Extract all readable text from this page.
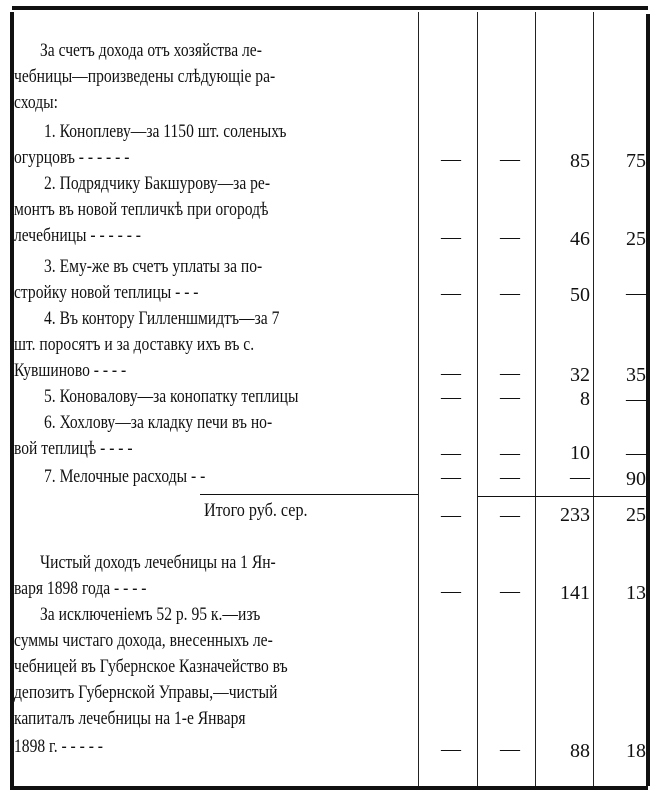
За счетъ дохода отъ хозяйства ле-
чебницы—произведены слѣдующіе ра-
сходы:
1. Коноплеву—за 1150 шт. соленыхъ
огурцовъ - - - - - -	— —	85	75
2. Подрядчику Бакшурову—за ре-
монтъ въ новой тепличкѣ при огородѣ
лечебницы - - - - - -	— —	46	25
3. Ему-же въ счетъ уплаты за по-
стройку новой теплицы - - -	— —	50	—
4. Въ контору Гилленшмидтъ—за 7
шт. поросятъ и за доставку ихъ въ с.
Кувшиново - - - -	— —	32	35
5. Коновалову—за конопатку теплицы	— —	8	—
6. Хохлову—за кладку печи въ но-
вой теплицѣ - - - -	— —	10	—
7. Мелочные расходы - -	— —	—	90
Итого руб. сер.	— —	233	25
Чистый доходъ лечебницы на 1 Ян-
варя 1898 года - - - -	— —	141	13
За исключеніемъ 52 р. 95 к.—изъ
суммы чистаго дохода, внесенныхъ ле-
чебницей въ Губернское Казначейство въ
депозитъ Губернской Управы,—чистый
капиталъ лечебницы на 1-е Января
1898 г. - - - - -	— —	88	18
